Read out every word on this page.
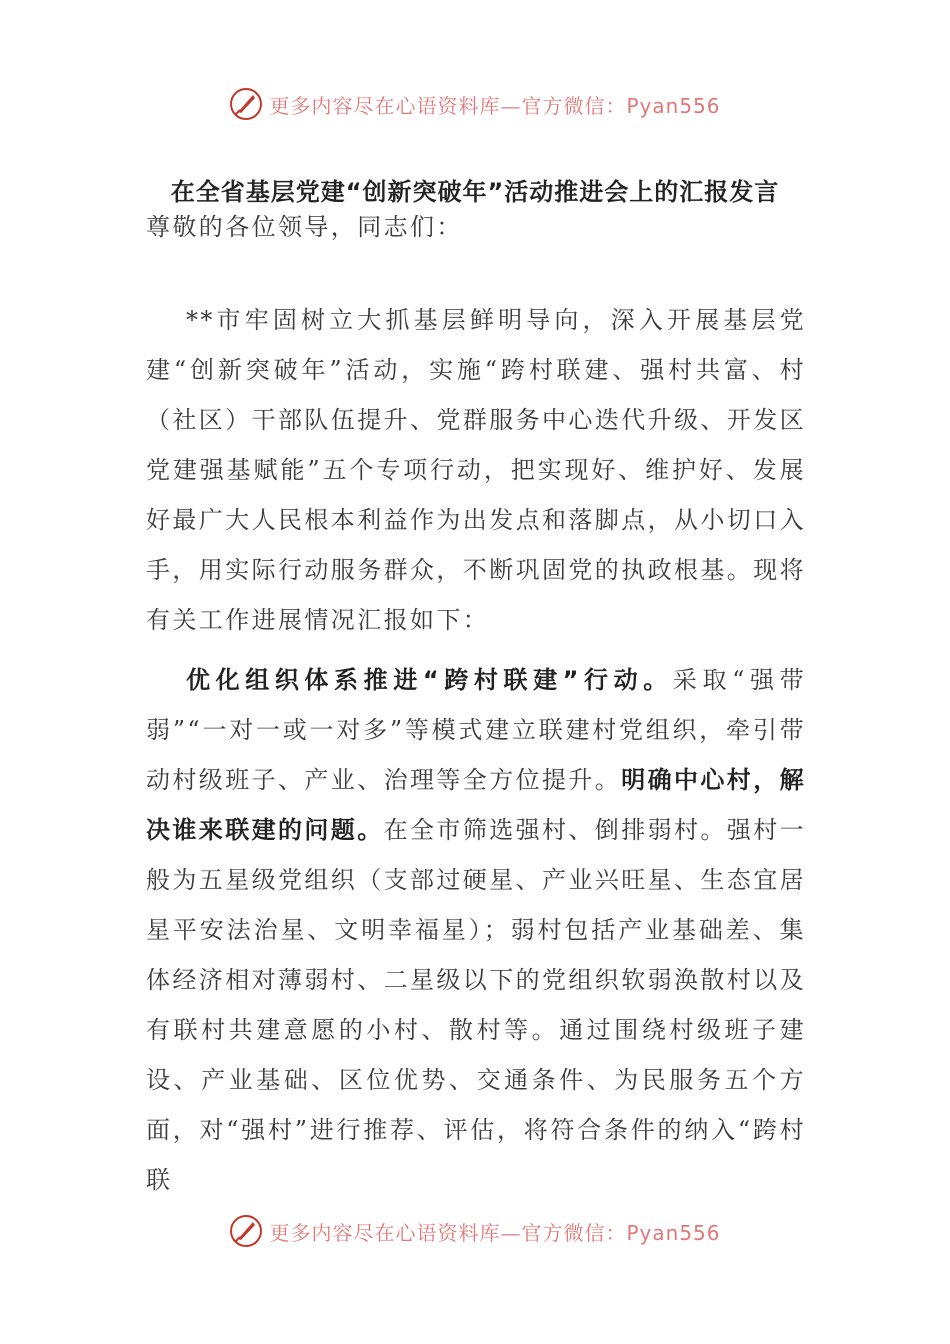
更多内容尽在心语资料库—官方微信：Pyan556
在全省基层党建“创新突破年”活动推进会上的汇报发言

尊敬的各位领导，同志们：

**市牢固树立大抓基层鲜明导向，深入开展基层党建“创新突破年”活动，实施“跨村联建、强村共富、村（社区）干部队伍提升、党群服务中心迭代升级、开发区党建强基赋能”五个专项行动，把实现好、维护好、发展好最广大人民根本利益作为出发点和落脚点，从小切口入手，用实际行动服务群众，不断巩固党的执政根基。现将有关工作进展情况汇报如下：

优化组织体系推进“跨村联建”行动。采取“强带弱”“一对一或一对多”等模式建立联建村党组织，牵引带动村级班子、产业、治理等全方位提升。明确中心村，解决谁来联建的问题。在全市筛选强村、倒排弱村。强村一般为五星级党组织（支部过硬星、产业兴旺星、生态宜居星平安法治星、文明幸福星）；弱村包括产业基础差、集体经济相对薄弱村、二星级以下的党组织软弱涣散村以及有联村共建意愿的小村、散村等。通过围绕村级班子建设、产业基础、区位优势、交通条件、为民服务五个方面，对“强村”进行推荐、评估，将符合条件的纳入“跨村联

更多内容尽在心语资料库—官方微信：Pyan556
